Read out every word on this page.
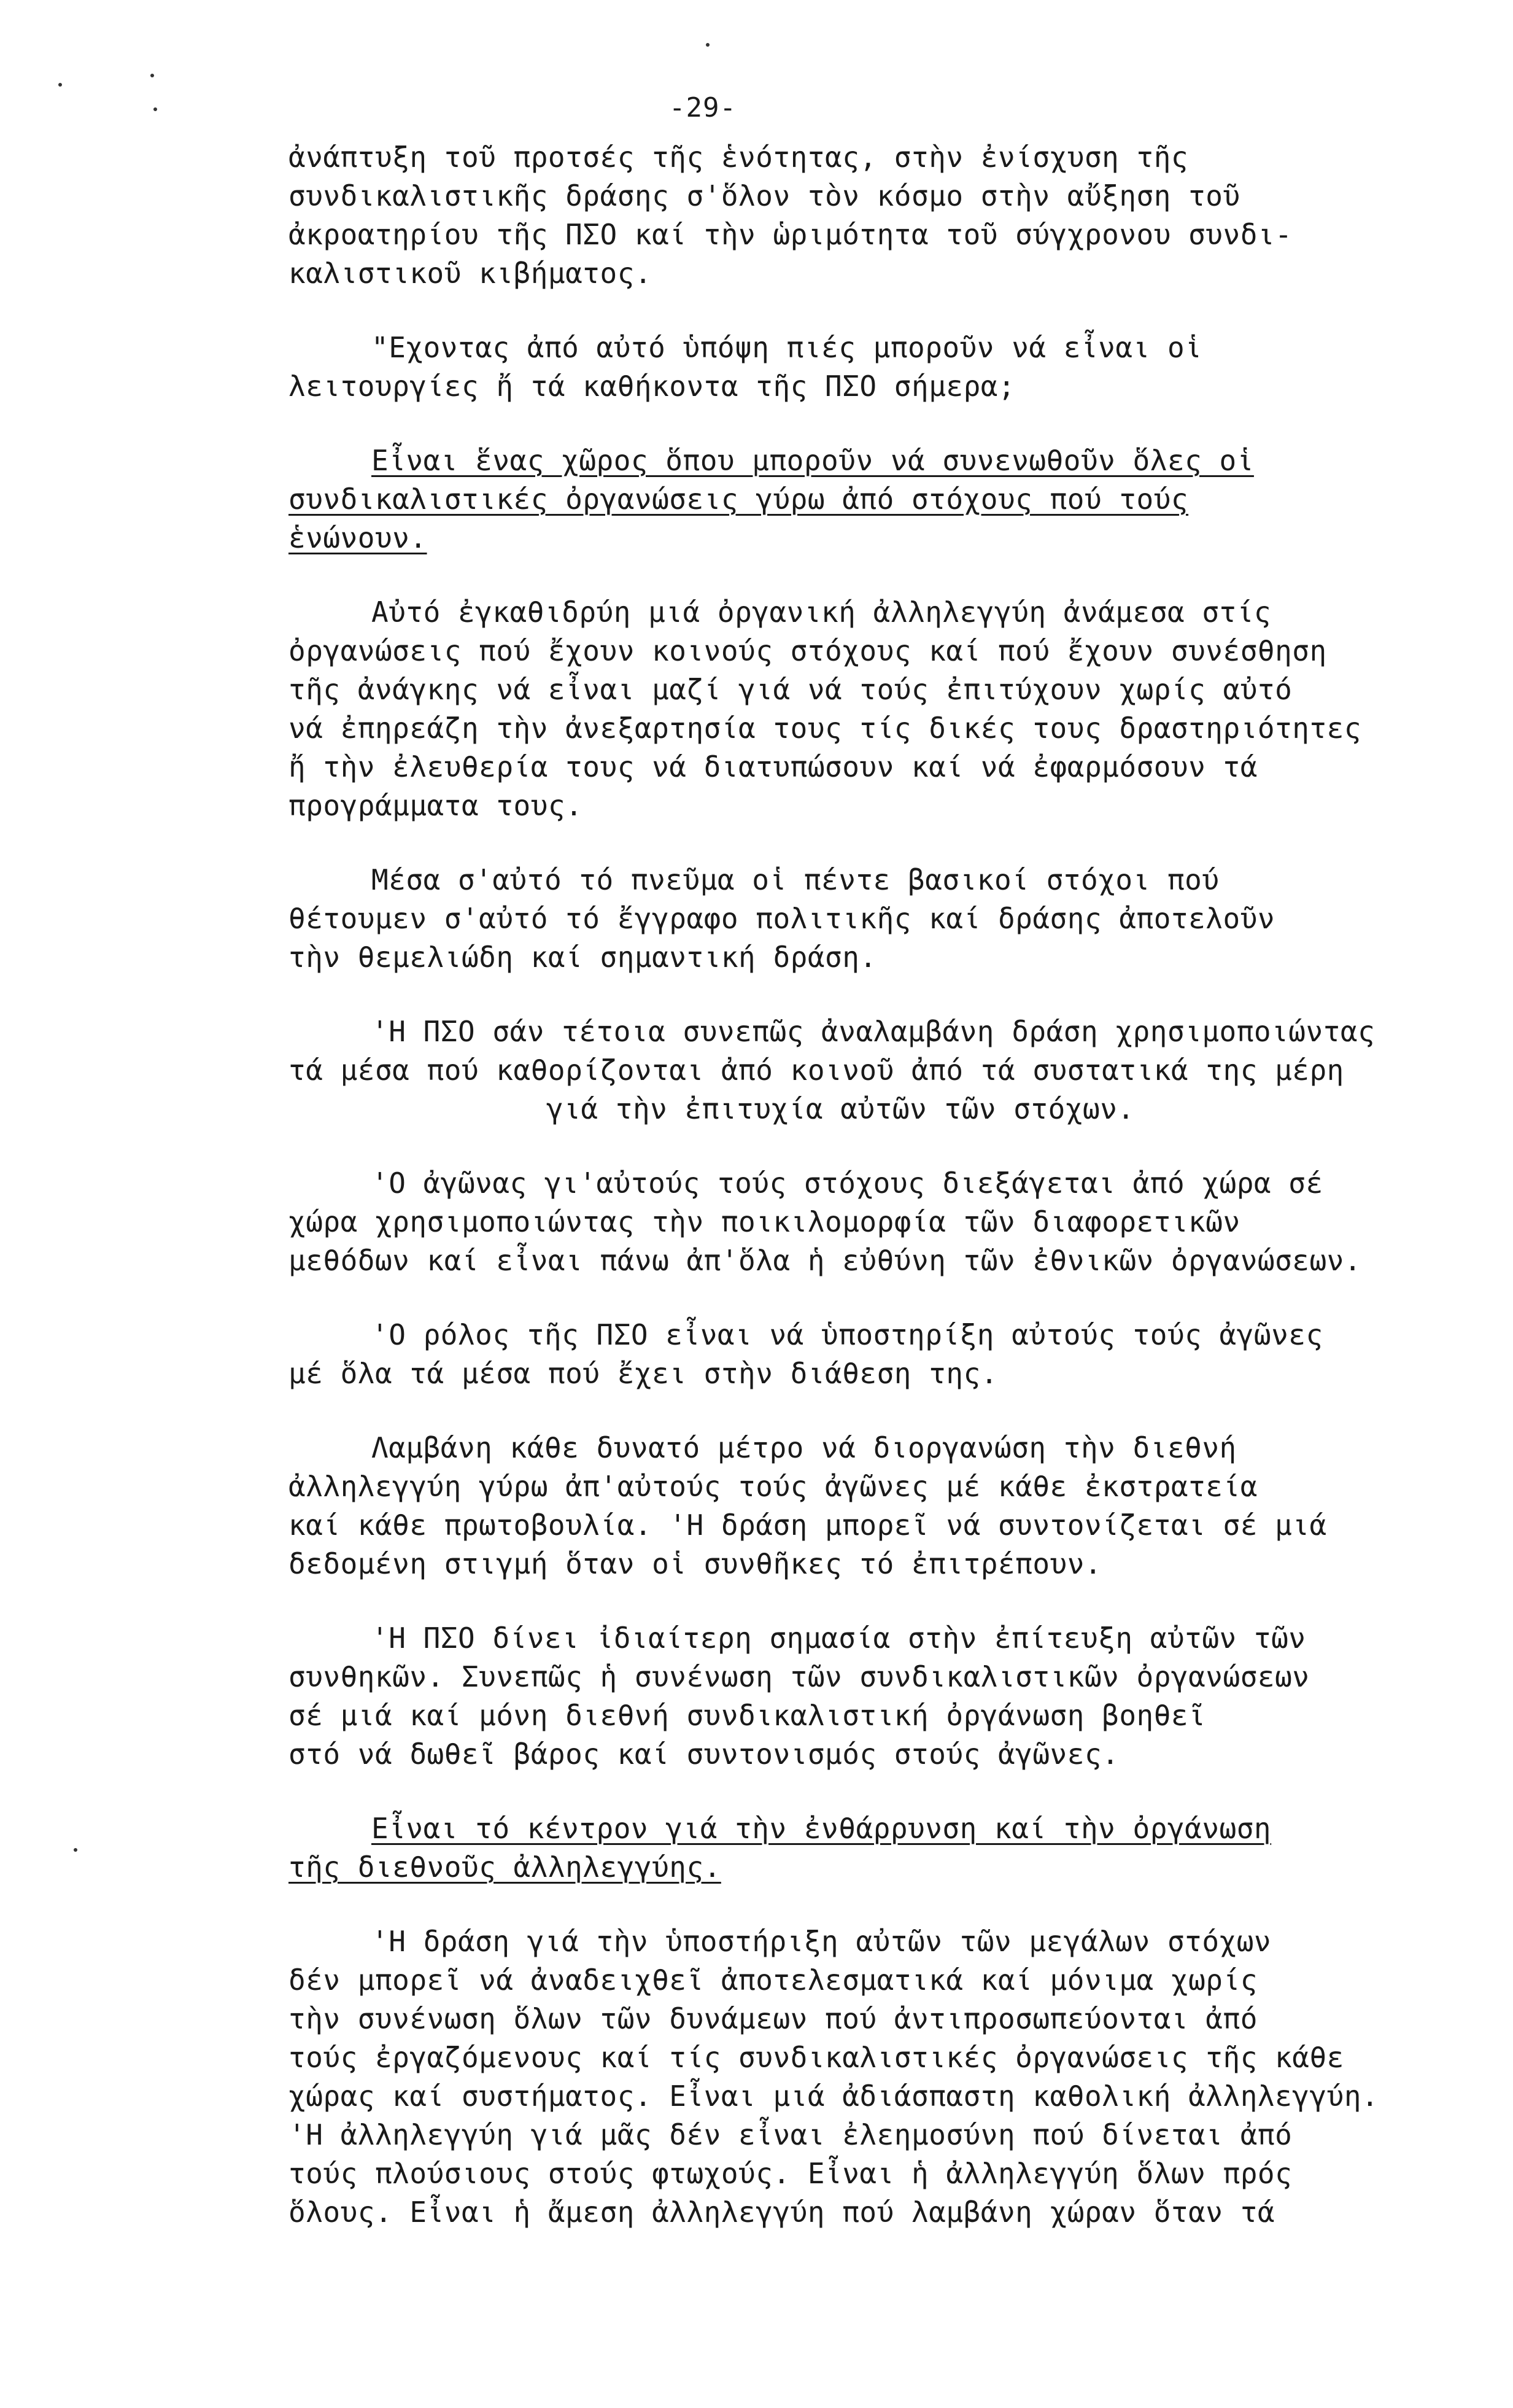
-29-

ἀνάπτυξη τοῦ προτσές τῆς ἑνότητας, στὴν ἐνίσχυση τῆς
συνδικαλιστικῆς δράσης σ'ὅλον τὸν κόσμο στὴν αὔξηση τοῦ
ἀκροατηρίου τῆς ΠΣΟ καί τὴν ὡριμότητα τοῦ σύγχρονου συνδι-
καλιστικοῦ κιβήματος.

"Εχοντας ἀπό αὐτό ὑπόψη πιές μποροῦν νά εἶναι οἱ
λειτουργίες ἤ τά καθήκοντα τῆς ΠΣΟ σήμερα;

Εἶναι ἕνας χῶρος ὅπου μποροῦν νά συνενωθοῦν ὅλες οἱ
συνδικαλιστικές ὀργανώσεις γύρω ἀπό στόχους πού τούς
ἑνώνουν.

Αὐτό ἐγκαθιδρύη μιά ὀργανική ἀλληλεγγύη ἀνάμεσα στίς
ὀργανώσεις πού ἔχουν κοινούς στόχους καί πού ἔχουν συνέσθηση
τῆς ἀνάγκης νά εἶναι μαζί γιά νά τούς ἐπιτύχουν χωρίς αὐτό
νά ἐπηρεάζη τὴν ἀνεξαρτησία τους τίς δικές τους δραστηριότητες
ἤ τὴν ἐλευθερία τους νά διατυπώσουν καί νά ἐφαρμόσουν τά
προγράμματα τους.

Μέσα σ'αὐτό τό πνεῦμα οἱ πέντε βασικοί στόχοι πού
θέτουμεν σ'αὐτό τό ἔγγραφο πολιτικῆς καί δράσης ἀποτελοῦν
τὴν θεμελιώδη καί σημαντική δράση.

'Η ΠΣΟ σάν τέτοια συνεπῶς ἀναλαμβάνη δράση χρησιμοποιώντας
τά μέσα πού καθορίζονται ἀπό κοινοῦ ἀπό τά συστατικά της μέρη
γιά τὴν ἐπιτυχία αὐτῶν τῶν στόχων.

'Ο ἀγῶνας γι'αὐτούς τούς στόχους διεξάγεται ἀπό χώρα σέ
χώρα χρησιμοποιώντας τὴν ποικιλομορφία τῶν διαφορετικῶν
μεθόδων καί εἶναι πάνω ἀπ'ὅλα ἡ εὐθύνη τῶν ἐθνικῶν ὀργανώσεων.

'Ο ρόλος τῆς ΠΣΟ εἶναι νά ὑποστηρίξη αὐτούς τούς ἀγῶνες
μέ ὅλα τά μέσα πού ἔχει στὴν διάθεση της.

Λαμβάνη κάθε δυνατό μέτρο νά διοργανώση τὴν διεθνή
ἀλληλεγγύη γύρω ἀπ'αὐτούς τούς ἀγῶνες μέ κάθε ἐκστρατεία
καί κάθε πρωτοβουλία. 'Η δράση μπορεῖ νά συντονίζεται σέ μιά
δεδομένη στιγμή ὅταν οἱ συνθῆκες τό ἐπιτρέπουν.

'Η ΠΣΟ δίνει ἰδιαίτερη σημασία στὴν ἐπίτευξη αὐτῶν τῶν
συνθηκῶν. Συνεπῶς ἡ συνένωση τῶν συνδικαλιστικῶν ὀργανώσεων
σέ μιά καί μόνη διεθνή συνδικαλιστική ὀργάνωση βοηθεῖ
στό νά δωθεῖ βάρος καί συντονισμός στούς ἀγῶνες.

Εἶναι τό κέντρον γιά τὴν ἐνθάρρυνση καί τὴν ὀργάνωση
τῆς διεθνοῦς ἀλληλεγγύης.

'Η δράση γιά τὴν ὑποστήριξη αὐτῶν τῶν μεγάλων στόχων
δέν μπορεῖ νά ἀναδειχθεῖ ἀποτελεσματικά καί μόνιμα χωρίς
τὴν συνένωση ὅλων τῶν δυνάμεων πού ἀντιπροσωπεύονται ἀπό
τούς ἐργαζόμενους καί τίς συνδικαλιστικές ὀργανώσεις τῆς κάθε
χώρας καί συστήματος. Εἶναι μιά ἀδιάσπαστη καθολική ἀλληλεγγύη.
'Η ἀλληλεγγύη γιά μᾶς δέν εἶναι ἐλεημοσύνη πού δίνεται ἀπό
τούς πλούσιους στούς φτωχούς. Εἶναι ἡ ἀλληλεγγύη ὅλων πρός
ὅλους. Εἶναι ἡ ἄμεση ἀλληλεγγύη πού λαμβάνη χώραν ὅταν τά
